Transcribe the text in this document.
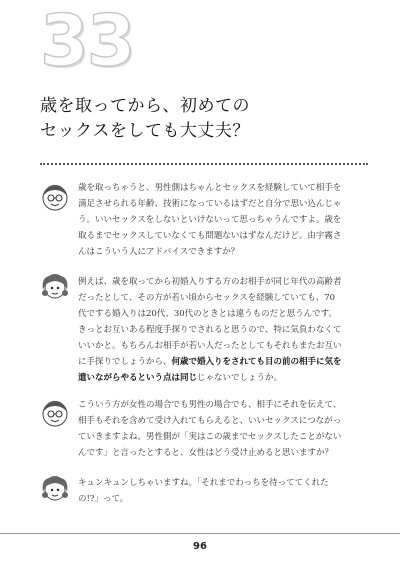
33
歳を取ってから、初めての
セックスをしても大丈夫？
歳を取っちゃうと、男性側はちゃんとセックスを経験していて相手を
満足させられる年齢、技術になっているはずだと自分で思い込んじゃ
う。いいセックスをしないといけないって思っちゃうんですよ。歳を
取るまでセックスしていなくても問題ないはずなんだけど。由宇霧さ
んはこういう人にアドバイスできますか？
例えば、歳を取ってから初婚入りする方のお相手が同じ年代の高齢者
だったとして、その方が若い頃からセックスを経験していても、70
代でする婚入りは20代、30代のときとは違うものだと思うんです。
きっとお互いある程度手探りでされると思うので、特に気負わなくて
いいかと。もちろんお相手が若い人だったとしてもそれもまたお互い
に手探りでしょうから、何歳で婚入りをされても目の前の相手に気を
遣いながらやるという点は同じじゃないでしょうか。
こういう方が女性の場合でも男性の場合でも、相手にそれを伝えて、
相手もそれを含めて受け入れてもらえると、いいセックスにつながっ
ていきますよね。男性側が「実はこの歳までセックスしたことがない
んです」と言ったとすると、女性はどう受け止めると思いますか？
キュンキュンしちゃいますね。「それまでわっちを待っててくれた
の!?」って。
96
